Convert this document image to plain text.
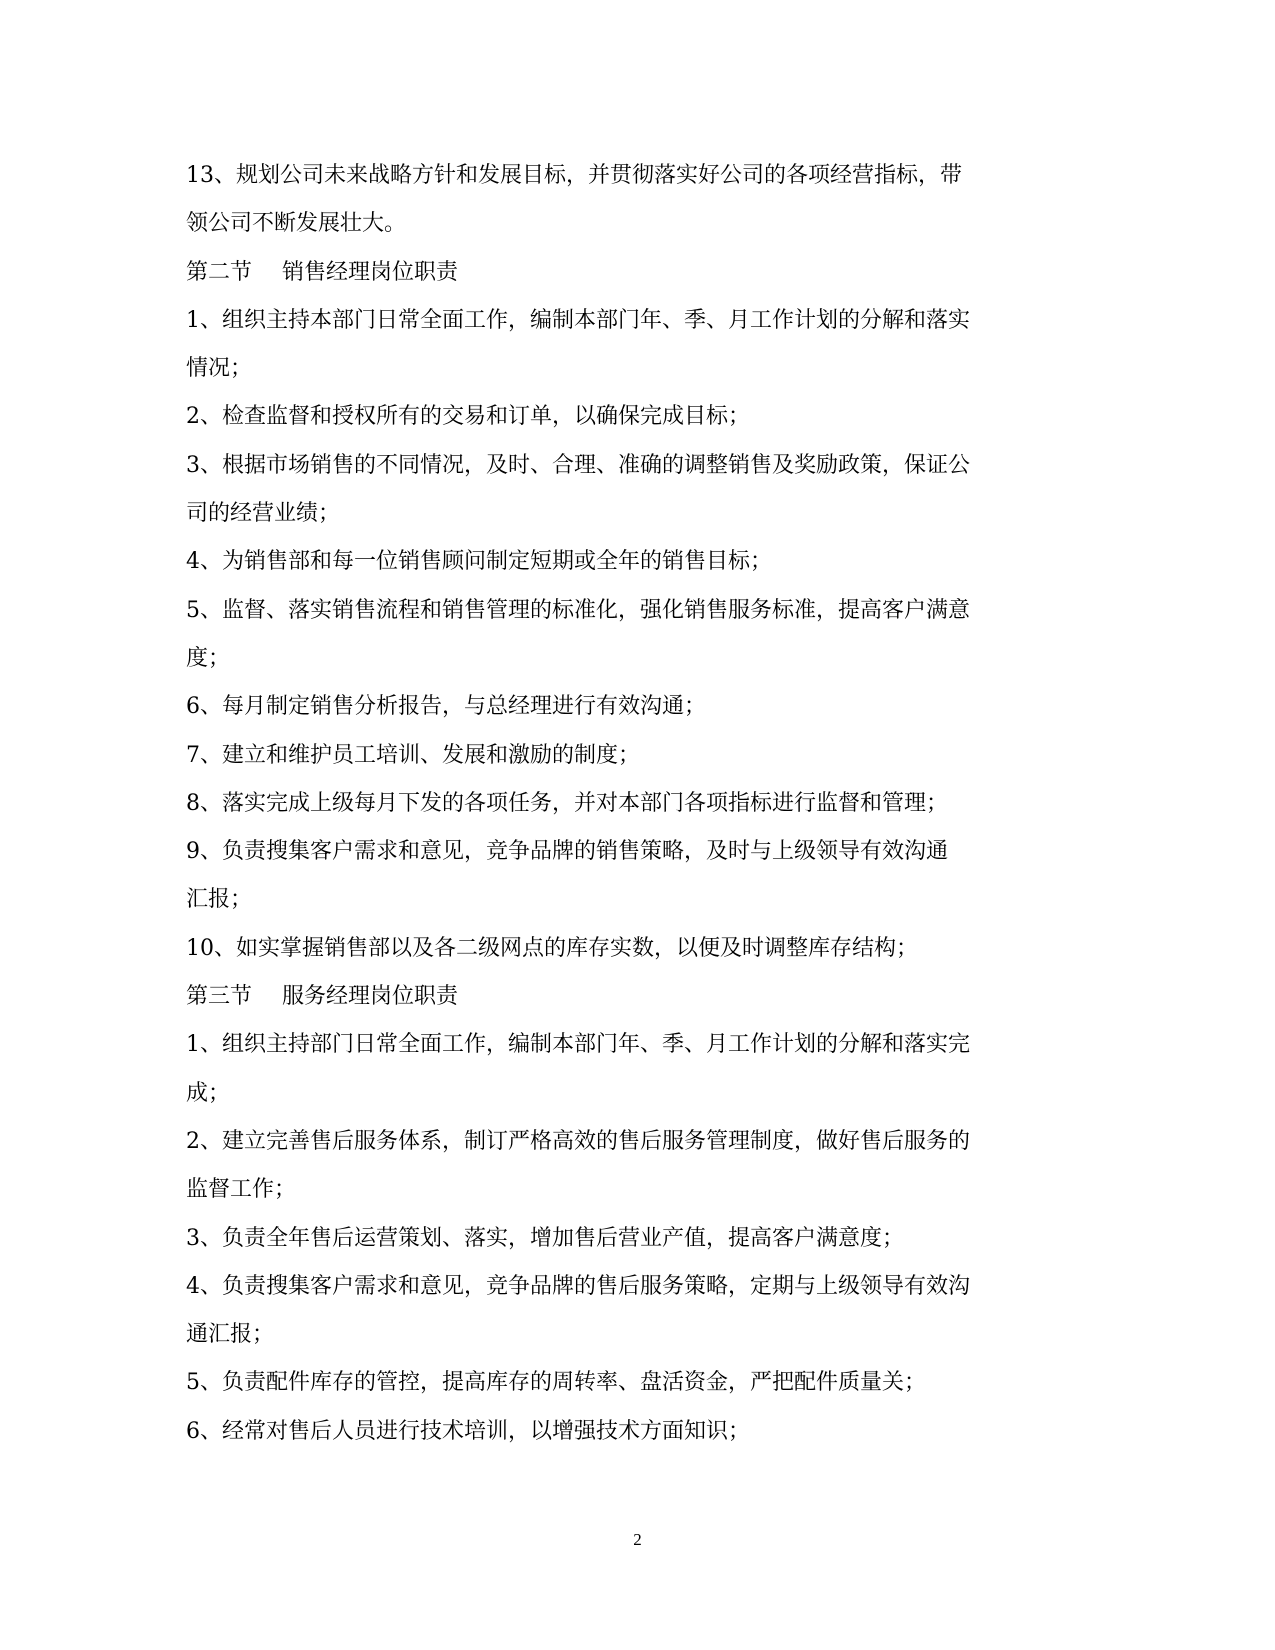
13、规划公司未来战略方针和发展目标，并贯彻落实好公司的各项经营指标，带

领公司不断发展壮大。

第二节 销售经理岗位职责

1、组织主持本部门日常全面工作，编制本部门年、季、月工作计划的分解和落实

情况；

2、检查监督和授权所有的交易和订单，以确保完成目标；

3、根据市场销售的不同情况，及时、合理、准确的调整销售及奖励政策，保证公

司的经营业绩；

4、为销售部和每一位销售顾问制定短期或全年的销售目标；

5、监督、落实销售流程和销售管理的标准化，强化销售服务标准，提高客户满意

度；

6、每月制定销售分析报告，与总经理进行有效沟通；

7、建立和维护员工培训、发展和激励的制度；

8、落实完成上级每月下发的各项任务，并对本部门各项指标进行监督和管理；

9、负责搜集客户需求和意见，竞争品牌的销售策略，及时与上级领导有效沟通

汇报；

10、如实掌握销售部以及各二级网点的库存实数，以便及时调整库存结构；

第三节 服务经理岗位职责

1、组织主持部门日常全面工作，编制本部门年、季、月工作计划的分解和落实完

成；

2、建立完善售后服务体系，制订严格高效的售后服务管理制度，做好售后服务的

监督工作；

3、负责全年售后运营策划、落实，增加售后营业产值，提高客户满意度；

4、负责搜集客户需求和意见，竞争品牌的售后服务策略，定期与上级领导有效沟

通汇报；

5、负责配件库存的管控，提高库存的周转率、盘活资金，严把配件质量关；

6、经常对售后人员进行技术培训，以增强技术方面知识；

2
